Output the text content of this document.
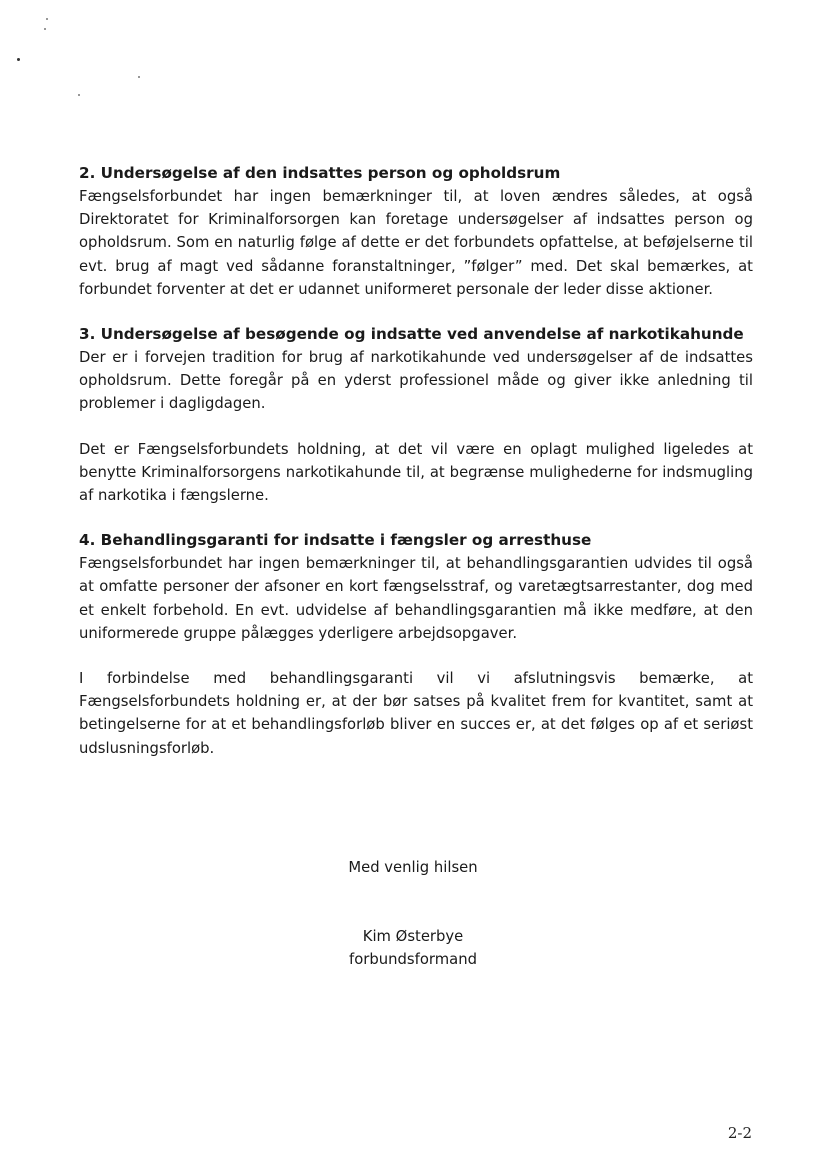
2. Undersøgelse af den indsattes person og opholdsrum

Fængselsforbundet har ingen bemærkninger til, at loven ændres således, at også Direktoratet for Kriminalforsorgen kan foretage undersøgelser af indsattes person og opholdsrum. Som en naturlig følge af dette er det forbundets opfattelse, at beføjelserne til evt. brug af magt ved sådanne foranstaltninger, ”følger” med. Det skal bemærkes, at forbundet forventer at det er udannet uniformeret personale der leder disse aktioner.

3. Undersøgelse af besøgende og indsatte ved anvendelse af narkotikahunde

Der er i forvejen tradition for brug af narkotikahunde ved undersøgelser af de indsattes opholdsrum. Dette foregår på en yderst professionel måde og giver ikke anledning til problemer i dagligdagen.

Det er Fængselsforbundets holdning, at det vil være en oplagt mulighed ligeledes at benytte Kriminalforsorgens narkotikahunde til, at begrænse mulighederne for indsmugling af narkotika i fængslerne.

4. Behandlingsgaranti for indsatte i fængsler og arresthuse

Fængselsforbundet har ingen bemærkninger til, at behandlingsgarantien udvides til også at omfatte personer der afsoner en kort fængselsstraf, og varetægtsarrestanter, dog med et enkelt forbehold. En evt. udvidelse af behandlingsgarantien må ikke medføre, at den uniformerede gruppe pålægges yderligere arbejdsopgaver.

I forbindelse med behandlingsgaranti vil vi afslutningsvis bemærke, at Fængselsforbundets holdning er, at der bør satses på kvalitet frem for kvantitet, samt at betingelserne for at et behandlingsforløb bliver en succes er, at det følges op af et seriøst udslusningsforløb.

Med venlig hilsen
Kim Østerbye
forbundsformand
2-2
